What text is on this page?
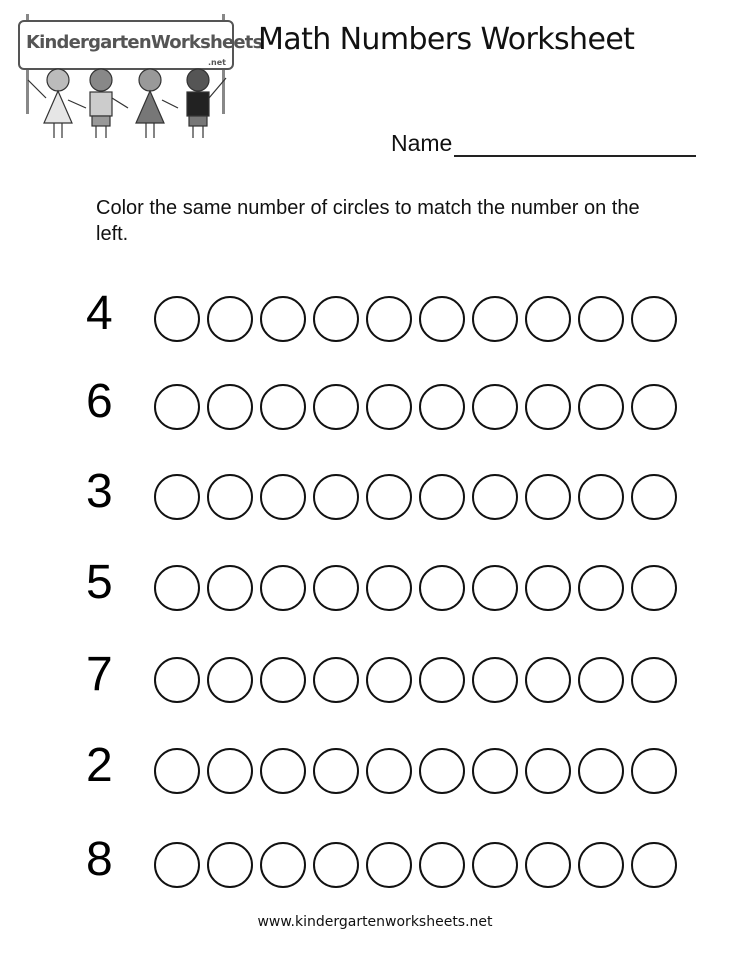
KindergartenWorksheets
.net
Math Numbers Worksheet
Name
Color the same number of circles to match the number on the left.
4
6
3
5
7
2
8
www.kindergartenworksheets.net
